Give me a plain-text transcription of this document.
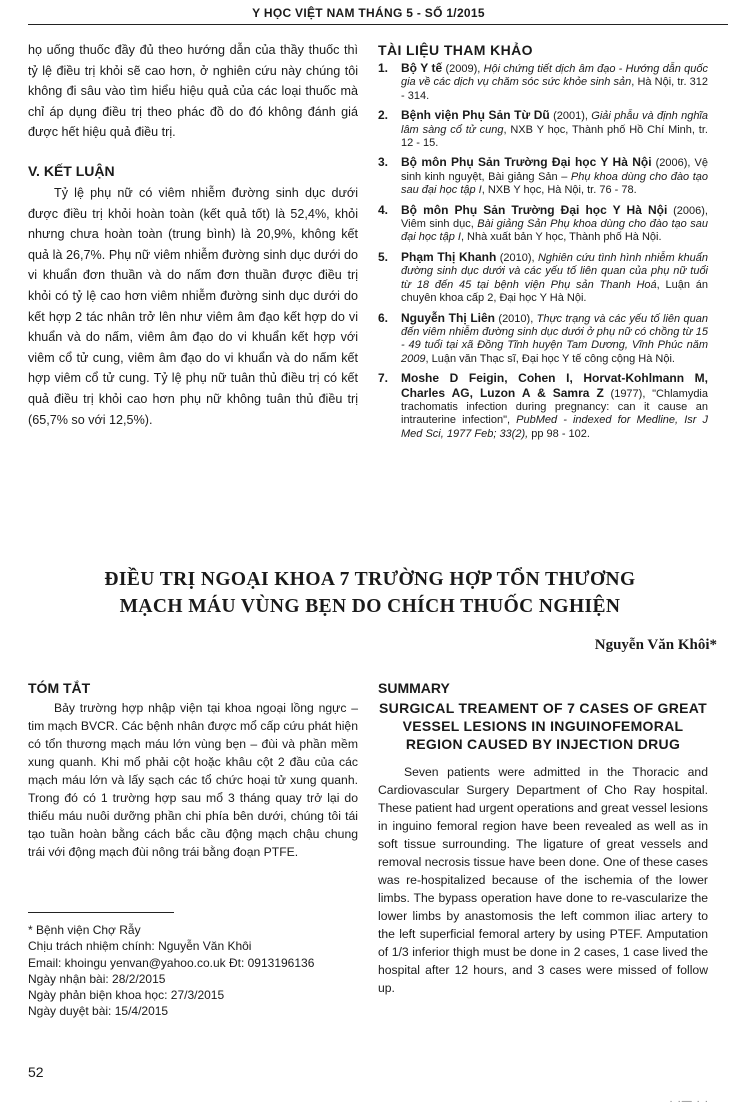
Y HỌC VIỆT NAM THÁNG 5 - SỐ 1/2015

họ uống thuốc đầy đủ theo hướng dẫn của thầy thuốc thì tỷ lệ điều trị khỏi sẽ cao hơn, ở nghiên cứu này chúng tôi không đi sâu vào tìm hiểu hiệu quả của các loại thuốc mà chỉ áp dụng điều trị theo phác đồ do đó không đánh giá được hết hiệu quả điều trị.

V. KẾT LUẬN

Tỷ lệ phụ nữ có viêm nhiễm đường sinh dục dưới được điều trị khỏi hoàn toàn (kết quả tốt) là 52,4%, khỏi nhưng chưa hoàn toàn (trung bình) là 20,9%, không kết quả là 26,7%. Phụ nữ viêm nhiễm đường sinh dục dưới do vi khuẩn đơn thuần và do nấm đơn thuần được điều trị khỏi có tỷ lệ cao hơn viêm nhiễm đường sinh dục dưới do kết hợp 2 tác nhân trở lên như viêm âm đạo kết hợp do vi khuẩn và do nấm, viêm âm đạo do vi khuẩn kết hợp với viêm cổ tử cung, viêm âm đạo do vi khuẩn và do nấm kết hợp viêm cổ tử cung. Tỷ lệ phụ nữ tuân thủ điều trị có kết quả điều trị khỏi cao hơn phụ nữ không tuân thủ điều trị (65,7% so với 12,5%).

TÀI LIỆU THAM KHẢO

1. Bộ Y tế (2009), Hội chứng tiết dịch âm đạo - Hướng dẫn quốc gia về các dịch vụ chăm sóc sức khỏe sinh sản, Hà Nội, tr. 312 - 314.
2. Bệnh viện Phụ Sản Từ Dũ (2001), Giải phẫu và định nghĩa lâm sàng cổ tử cung, NXB Y học, Thành phố Hồ Chí Minh, tr. 12 - 15.
3. Bộ môn Phụ Sản Trường Đại học Y Hà Nội (2006), Vệ sinh kinh nguyệt, Bài giảng Sản – Phụ khoa dùng cho đào tạo sau đại học tập I, NXB Y học, Hà Nội, tr. 76 - 78.
4. Bộ môn Phụ Sản Trường Đại học Y Hà Nội (2006), Viêm sinh dục, Bài giảng Sản Phụ khoa dùng cho đào tạo sau đại học tập I, Nhà xuất bản Y học, Thành phố Hà Nội.
5. Phạm Thị Khanh (2010), Nghiên cứu tình hình nhiễm khuẩn đường sinh dục dưới và các yếu tố liên quan của phụ nữ tuổi từ 18 đến 45 tại bệnh viện Phụ sản Thanh Hoá, Luận án chuyên khoa cấp 2, Đại học Y Hà Nội.
6. Nguyễn Thị Liên (2010), Thực trạng và các yếu tố liên quan đến viêm nhiễm đường sinh dục dưới ở phụ nữ có chồng từ 15 - 49 tuổi tại xã Đồng Tĩnh huyện Tam Dương, Vĩnh Phúc năm 2009, Luận văn Thạc sĩ, Đại học Y tế công cộng Hà Nội.
7. Moshe D Feigin, Cohen I, Horvat-Kohlmann M, Charles AG, Luzon A & Samra Z (1977), "Chlamydia trachomatis infection during pregnancy: can it cause an intrauterine infection", PubMed - indexed for Medline, Isr J Med Sci, 1977 Feb; 33(2), pp 98 - 102.
ĐIỀU TRỊ NGOẠI KHOA 7 TRƯỜNG HỢP TỔN THƯƠNG
MẠCH MÁU VÙNG BẸN DO CHÍCH THUỐC NGHIỆN
Nguyễn Văn Khôi*

TÓM TẮT

Bảy trường hợp nhập viện tại khoa ngoại lồng ngực – tim mạch BVCR. Các bệnh nhân được mổ cấp cứu phát hiện có tổn thương mạch máu lớn vùng bẹn – đùi và phần mềm xung quanh. Khi mổ phải cột hoặc khâu cột 2 đầu của các mạch máu lớn và lấy sạch các tổ chức hoại tử xung quanh. Trong đó có 1 trường hợp sau mổ 3 tháng quay trở lại do thiếu máu nuôi dưỡng phần chi phía bên dưới, chúng tôi tái tạo tuần hoàn bằng cách bắc cầu động mạch chậu chung trái với động mạch đùi nông trái bằng đoạn PTFE.

SUMMARY

SURGICAL TREAMENT OF 7 CASES OF GREAT VESSEL LESIONS IN INGUINOFEMORAL REGION CAUSED BY INJECTION DRUG

Seven patients were admitted in the Thoracic and Cardiovascular Surgery Department of Cho Ray hospital. These patient had urgent operations and great vessel lesions in inguino femoral region have been revealed as well as in soft tissue surrounding. The ligature of great vessels and removal necrosis tissue have been done. One of these cases was re-hospitalized because of the ischemia of the lower limbs. The bypass operation have done to re-vascularize the lower limbs by anastomosis the left common iliac artery to the left superficial femoral artery by using PTEF. Amputation of 1/3 inferior thigh must be done in 2 cases, 1 case lived the hospital after 12 hours, and 3 cases were missed of follow up.

* Bệnh viện Chợ Rẫy
Chịu trách nhiệm chính: Nguyễn Văn Khôi
Email: khoingu yenvan@yahoo.co.uk Đt: 0913196136
Ngày nhận bài: 28/2/2015
Ngày phản biện khoa học: 27/3/2015
Ngày duyệt bài: 15/4/2015
52
· ·— · ·
